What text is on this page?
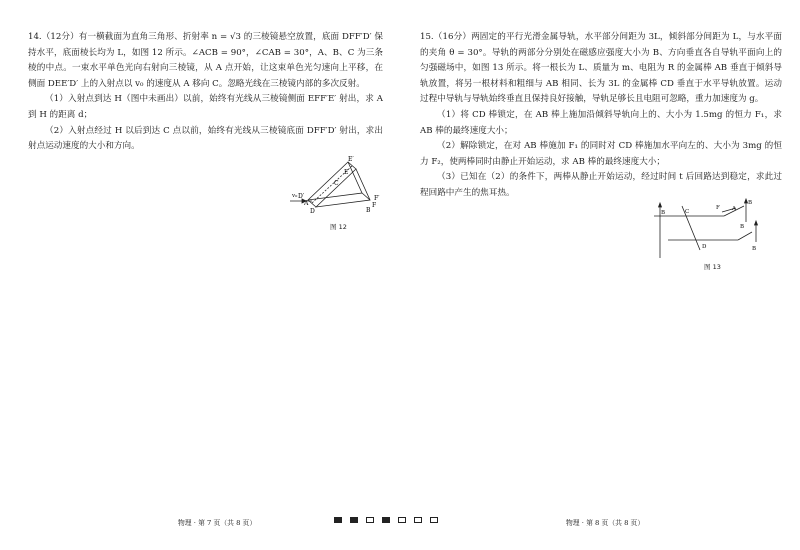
14.（12分）有一横截面为直角三角形、折射率 n = √3 的三棱镜悬空放置，底面 DFF′D′ 保持水平，底面棱长均为 L，如图 12 所示。∠ACB = 90°，∠CAB = 30°，A、B、C 为三条棱的中点。一束水平单色光向右射向三棱镜，从 A 点开始，让这束单色光匀速向上平移，在侧面 DEE′D′ 上的入射点以 v₀ 的速度从 A 移向 C。忽略光线在三棱镜内部的多次反射。

（1）入射点到达 H（图中未画出）以前，始终有光线从三棱镜侧面 EFF′E′ 射出，求 A 到 H 的距离 d；

（2）入射点经过 H 以后到达 C 点以前，始终有光线从三棱镜底面 DFF′D′ 射出，求出射点运动速度的大小和方向。

E′
E
C
D′
A
D
F′
F
B
v₀
图 12

15.（16分）两固定的平行光滑金属导轨，水平部分间距为 3L，倾斜部分间距为 L，与水平面的夹角 θ = 30°。导轨的两部分分别处在磁感应强度大小为 B、方向垂直各自导轨平面向上的匀强磁场中，如图 13 所示。将一根长为 L、质量为 m、电阻为 R 的金属棒 AB 垂直于倾斜导轨放置，将另一根材料和粗细与 AB 相同、长为 3L 的金属棒 CD 垂直于水平导轨放置。运动过程中导轨与导轨始终垂直且保持良好接触，导轨足够长且电阻可忽略，重力加速度为 g。

（1）将 CD 棒锁定，在 AB 棒上施加沿倾斜导轨向上的、大小为 1.5mg 的恒力 F₁，求 AB 棒的最终速度大小；

（2）解除锁定，在对 AB 棒施加 F₁ 的同时对 CD 棒施加水平向左的、大小为 3mg 的恒力 F₂，使两棒同时由静止开始运动，求 AB 棒的最终速度大小；

（3）已知在（2）的条件下，两棒从静止开始运动，经过时间 t 后回路达到稳定，求此过程回路中产生的焦耳热。

B	C	A
B
D
B
B
F
图 13
物理 · 第 7 页（共 8 页）	物理 · 第 8 页（共 8 页）
